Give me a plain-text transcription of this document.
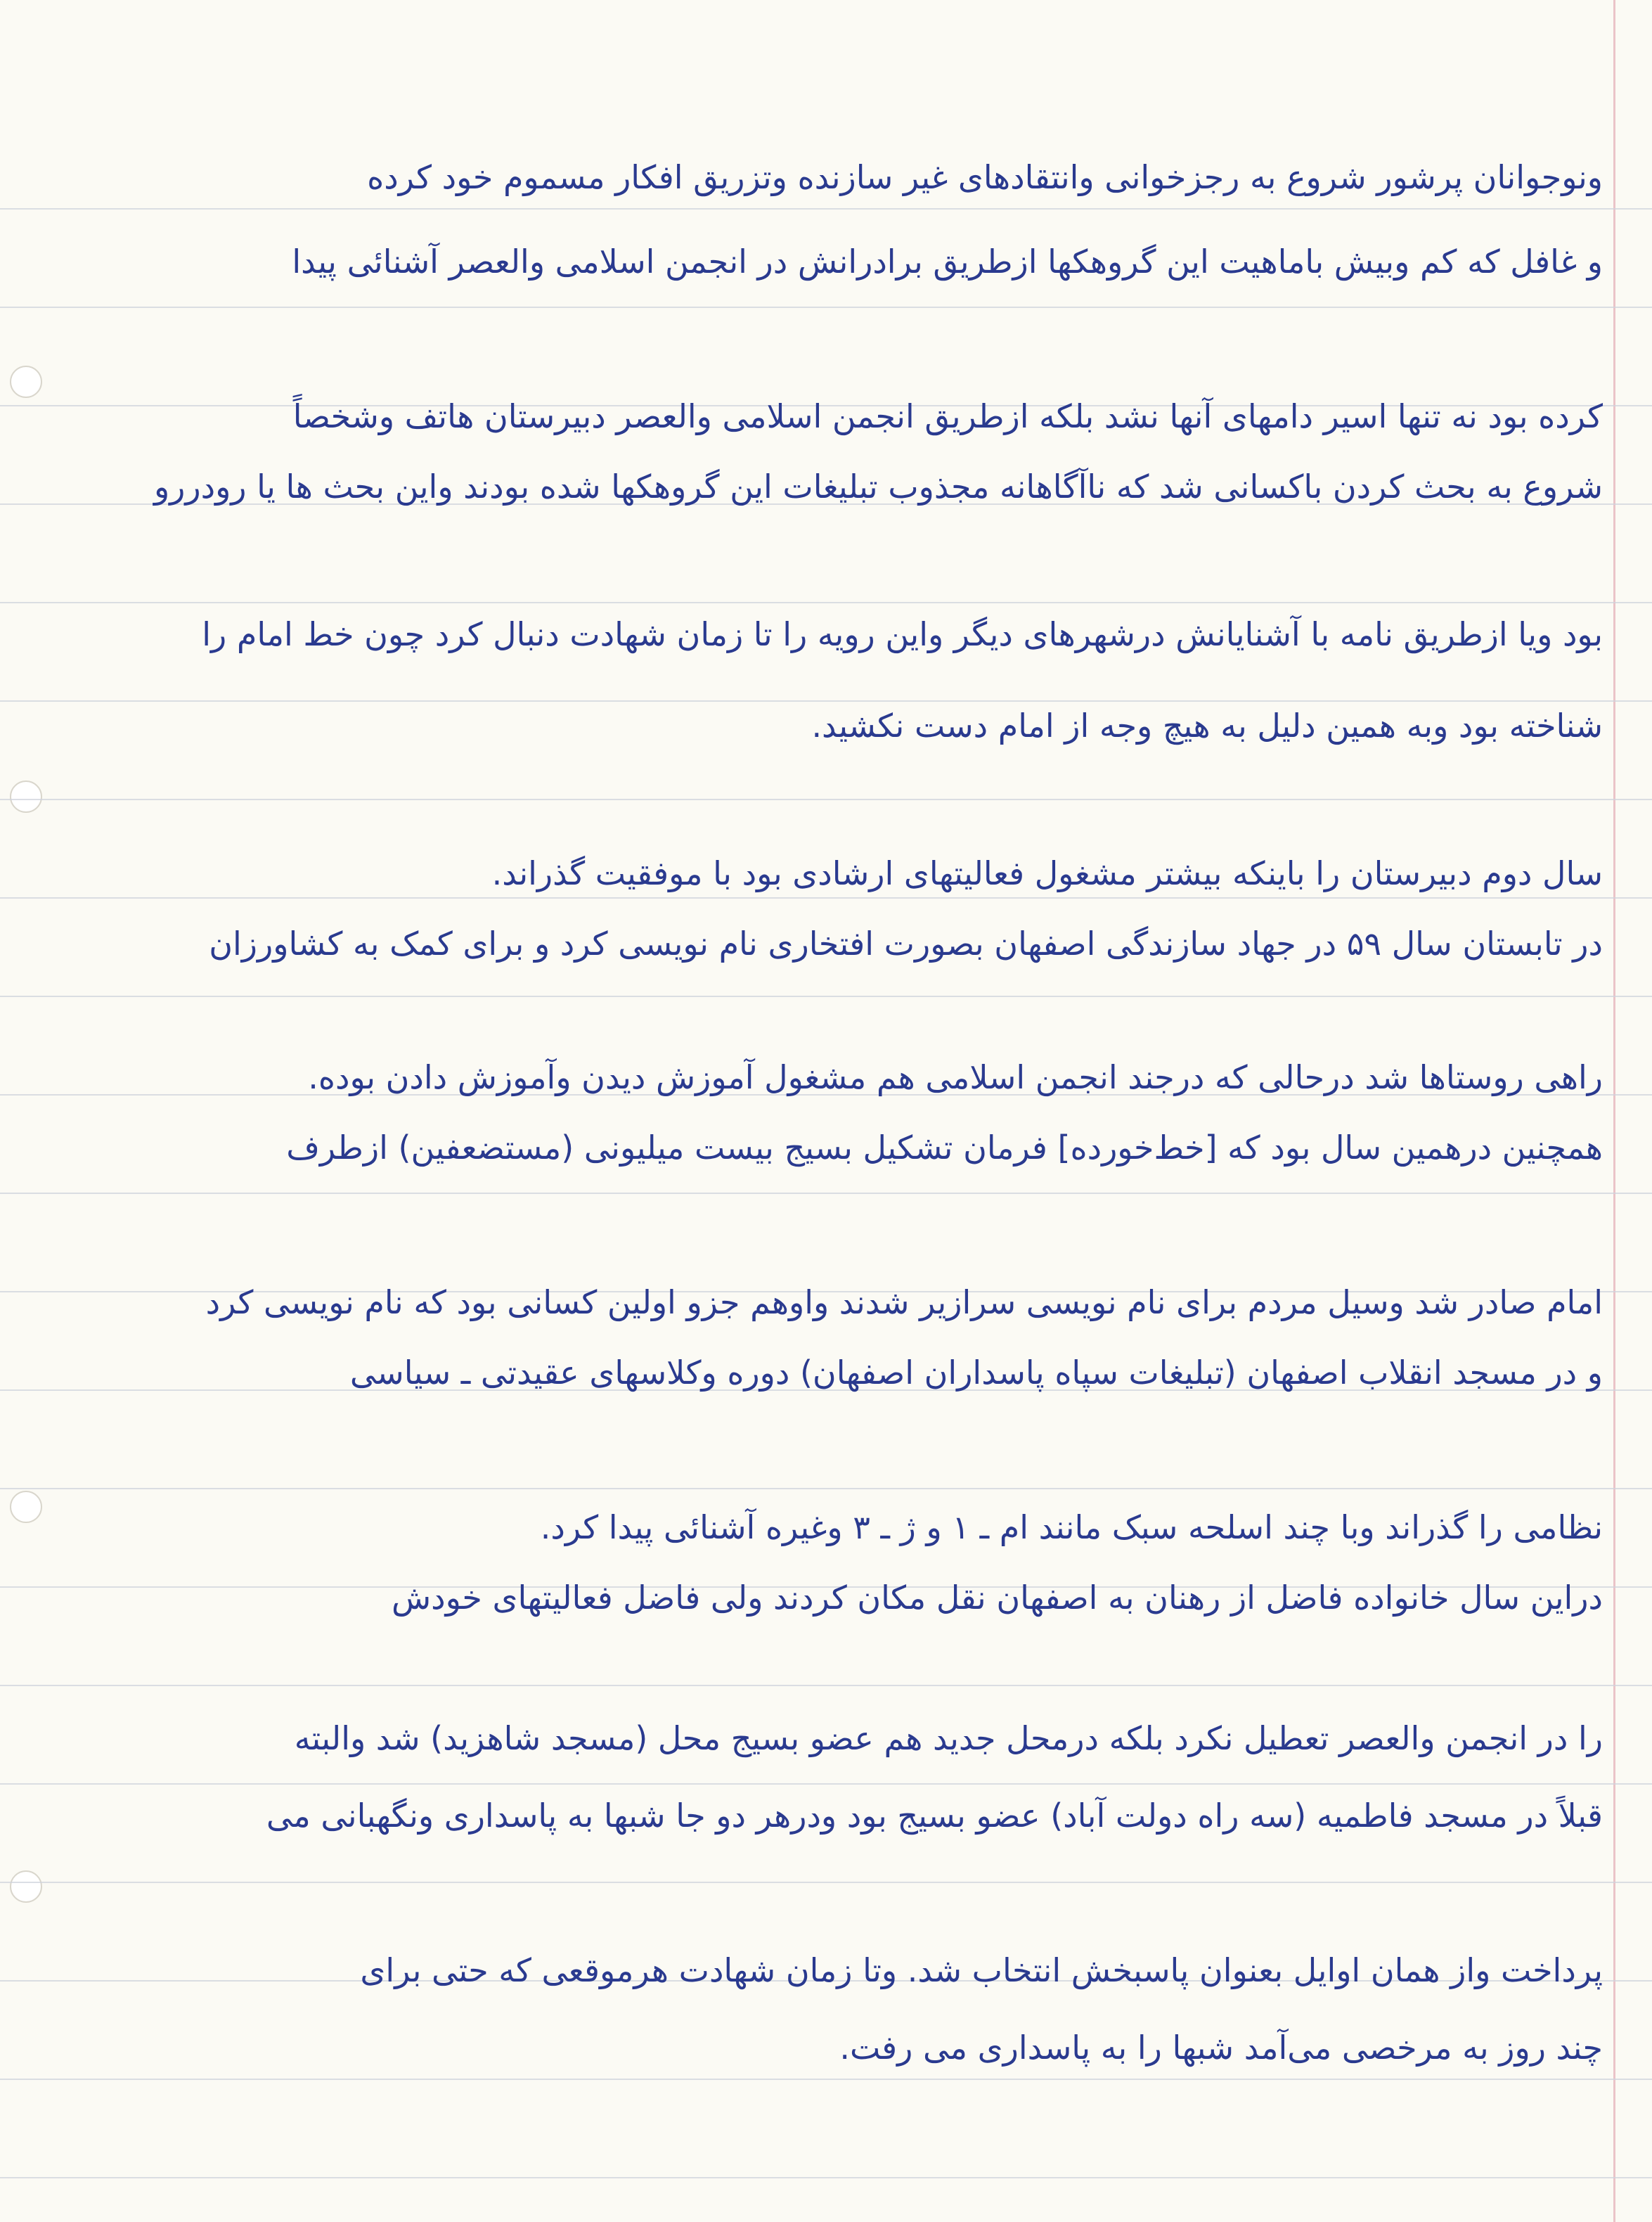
ونوجوانان پرشور شروع به رجزخوانی وانتقادهای غیر سازنده وتزریق افکار مسموم خود کرده
و غافل که کم وبیش باماهیت این گروهکها ازطریق برادرانش در انجمن اسلامی والعصر آشنائی پیدا
کرده بود نه تنها اسیر دامهای آنها نشد بلکه ازطریق انجمن اسلامی والعصر دبیرستان هاتف وشخصاً
شروع به بحث کردن باکسانی شد که ناآگاهانه مجذوب تبلیغات این گروهکها شده بودند واین بحث ها یا رودررو
بود ویا ازطریق نامه با آشنایانش درشهرهای دیگر واین رویه را تا زمان شهادت دنبال کرد چون خط امام را
شناخته بود وبه همین دلیل به هیچ وجه از امام دست نکشید.
سال دوم دبیرستان را باینکه بیشتر مشغول فعالیتهای ارشادی بود با موفقیت گذراند.
در تابستان سال ۵۹ در جهاد سازندگی اصفهان بصورت افتخاری نام نویسی کرد و برای کمک به کشاورزان
راهی روستاها شد درحالی که درجند انجمن اسلامی هم مشغول آموزش دیدن وآموزش دادن بوده.
همچنین درهمین سال بود که [خط‌خورده] فرمان تشکیل بسیج بیست میلیونی (مستضعفین) ازطرف
امام صادر شد وسیل مردم برای نام نویسی سرازیر شدند واوهم جزو اولین کسانی بود که نام نویسی کرد
و در مسجد انقلاب اصفهان (تبلیغات سپاه پاسداران اصفهان) دوره وکلاسهای عقیدتی ـ سیاسی
نظامی را گذراند وبا چند اسلحه سبک مانند ام ـ ۱ و ژ ـ ۳ وغیره آشنائی پیدا کرد.
دراین سال خانواده فاضل از رهنان به اصفهان نقل مکان کردند ولی فاضل فعالیتهای خودش
را در انجمن والعصر تعطیل نکرد بلکه درمحل جدید هم عضو بسیج محل (مسجد شاهزید) شد والبته
قبلاً در مسجد فاطمیه (سه راه دولت آباد) عضو بسیج بود ودرهر دو جا شبها به پاسداری ونگهبانی می
پرداخت واز همان اوایل بعنوان پاسبخش انتخاب شد. وتا زمان شهادت هرموقعی که حتی برای
چند روز به مرخصی می‌آمد شبها را به پاسداری می رفت.
